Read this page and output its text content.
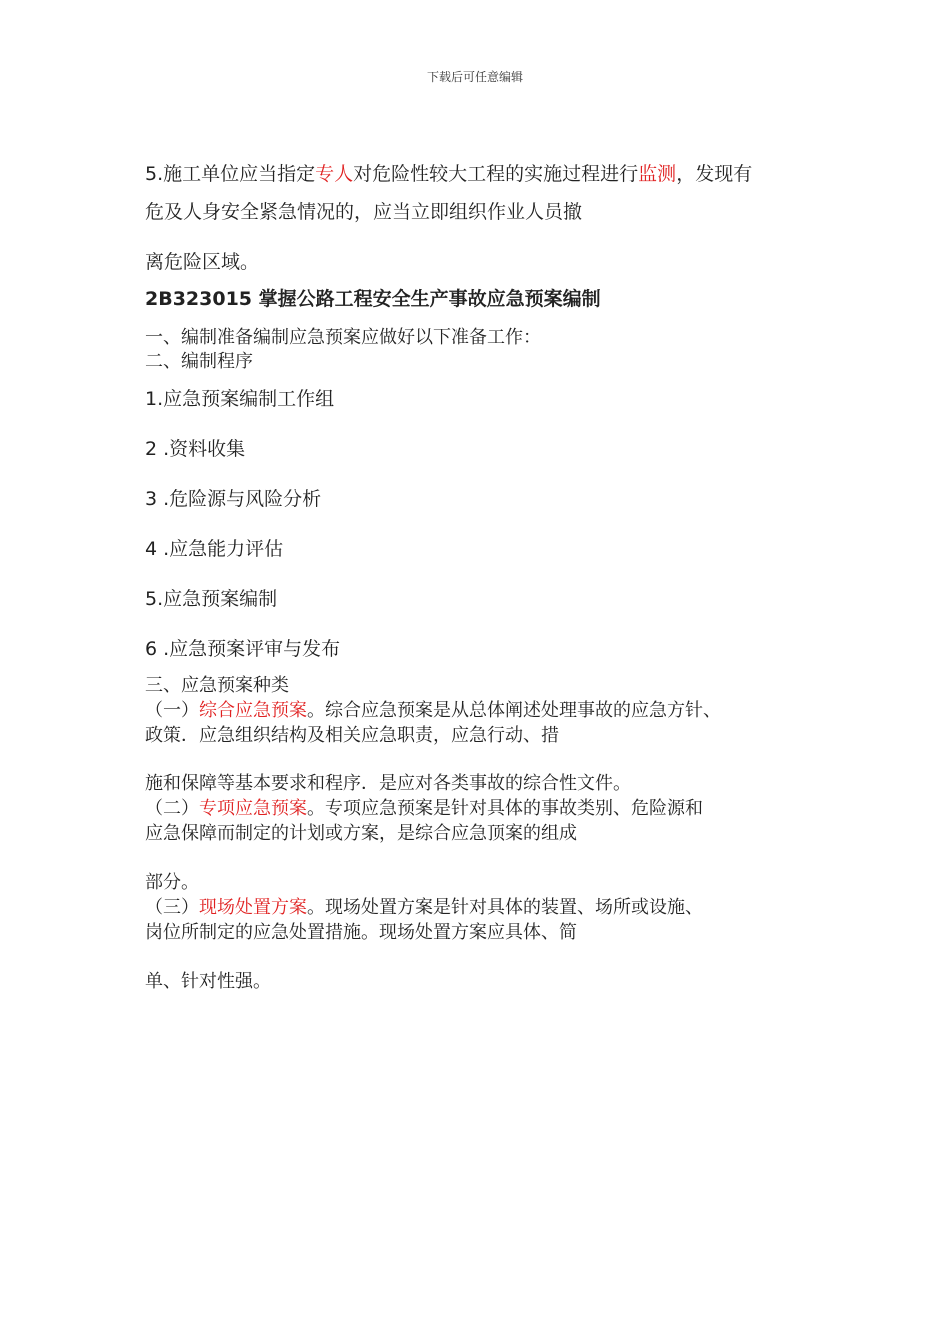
下载后可任意编辑
5.施工单位应当指定专人对危险性较大工程的实施过程进行监测，发现有
危及人身安全紧急情况的，应当立即组织作业人员撤
离危险区域。
2B323015 掌握公路工程安全生产事故应急预案编制
一、编制准备编制应急预案应做好以下准备工作：
二、编制程序
1.应急预案编制工作组
2 .资料收集
3 .危险源与风险分析
4 .应急能力评估
5.应急预案编制
6 .应急预案评审与发布
三、应急预案种类
（一）综合应急预案。综合应急预案是从总体阐述处理事故的应急方针、
政策．应急组织结构及相关应急职责，应急行动、措
施和保障等基本要求和程序．是应对各类事故的综合性文件。
（二）专项应急预案。专项应急预案是针对具体的事故类别、危险源和
应急保障而制定的计划或方案，是综合应急顶案的组成
部分。
（三）现场处置方案。现场处置方案是针对具体的装置、场所或设施、
岗位所制定的应急处置措施。现场处置方案应具体、简
单、针对性强。
